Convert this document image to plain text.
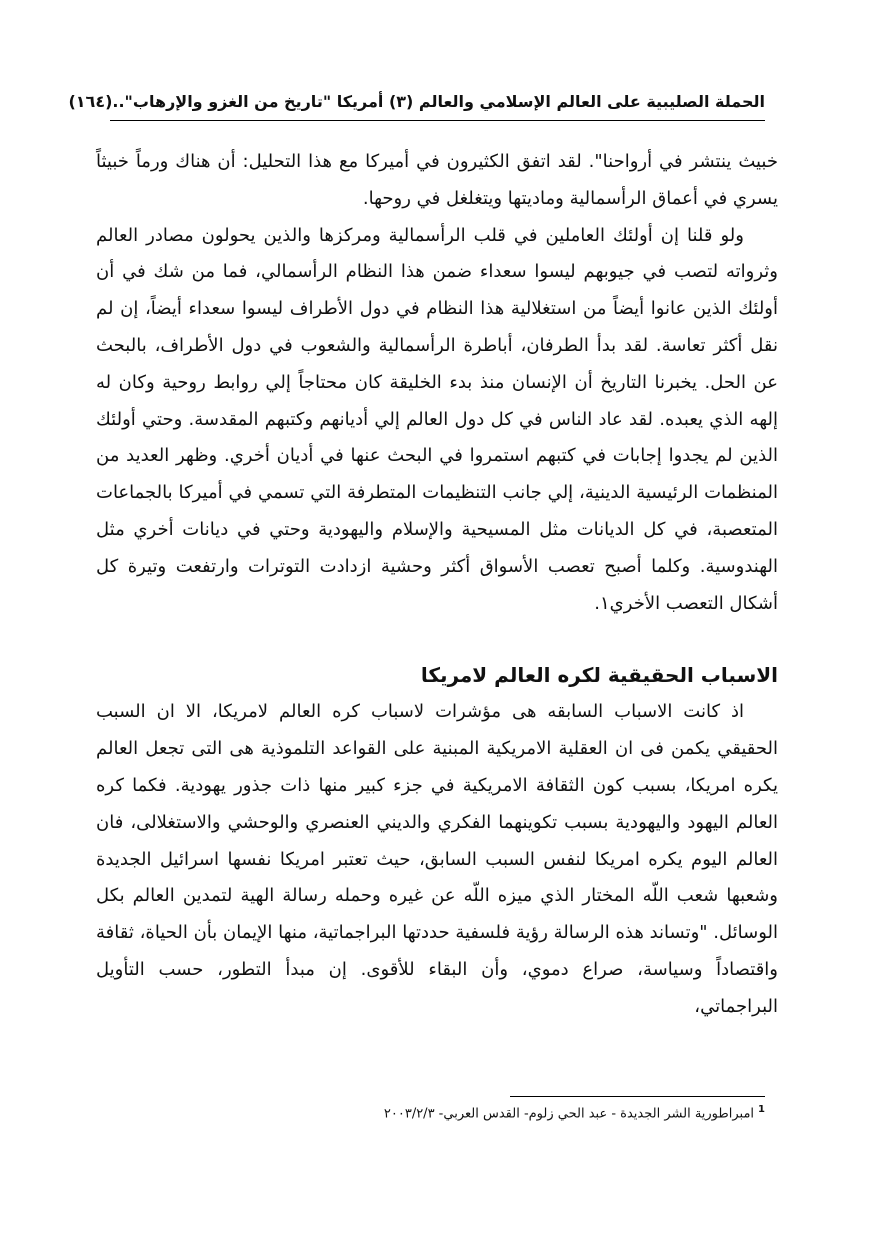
الحملة الصليبية على العالم الإسلامي والعالم (٣) أمريكا "تاريخ من الغزو والإرهاب"..
(١٦٤)

خبيث ينتشر في أرواحنا". لقد اتفق الكثيرون في أميركا مع هذا التحليل: أن هناك ورماً خبيثاً يسري في أعماق الرأسمالية وماديتها ويتغلغل في روحها.

ولو قلنا إن أولئك العاملين في قلب الرأسمالية ومركزها والذين يحولون مصادر العالم وثرواته لتصب في جيوبهم ليسوا سعداء ضمن هذا النظام الرأسمالي، فما من شك في أن أولئك الذين عانوا أيضاً من استغلالية هذا النظام في دول الأطراف ليسوا سعداء أيضاً، إن لم نقل أكثر تعاسة. لقد بدأ الطرفان، أباطرة الرأسمالية والشعوب في دول الأطراف، بالبحث عن الحل. يخبرنا التاريخ أن الإنسان منذ بدء الخليقة كان محتاجاً إلي روابط روحية وكان له إلهه الذي يعبده. لقد عاد الناس في كل دول العالم إلي أديانهم وكتبهم المقدسة. وحتي أولئك الذين لم يجدوا إجابات في كتبهم استمروا في البحث عنها في أديان أخري. وظهر العديد من المنظمات الرئيسية الدينية، إلي جانب التنظيمات المتطرفة التي تسمي في أميركا بالجماعات المتعصبة، في كل الديانات مثل المسيحية والإسلام واليهودية وحتي في ديانات أخري مثل الهندوسية. وكلما أصبح تعصب الأسواق أكثر وحشية ازدادت التوترات وارتفعت وتيرة كل أشكال التعصب الأخري١.

الاسباب الحقيقية لكره العالم لامريكا

اذ كانت الاسباب السابقه هى مؤشرات لاسباب كره العالم لامريكا، الا ان السبب الحقيقي يكمن فى ان العقلية الامريكية المبنية على القواعد التلموذية هى التى تجعل العالم يكره امريكا، بسبب كون الثقافة الامريكية في جزء كبير منها ذات جذور يهودية. فكما كره العالم اليهود واليهودية بسبب تكوينهما الفكري والديني العنصري والوحشي والاستغلالى، فان العالم اليوم يكره امريكا لنفس السبب السابق، حيث تعتبر امريكا نفسها اسرائيل الجديدة وشعبها شعب اللّه المختار الذي ميزه اللّه عن غيره وحمله رسالة الهية لتمدين العالم بكل الوسائل. "وتساند هذه الرسالة رؤية فلسفية حددتها البراجماتية، منها الإيمان بأن الحياة، ثقافة واقتصاداً وسياسة، صراع دموي، وأن البقاء للأقوى. إن مبدأ التطور، حسب التأويل البراجماتي،

$^1$امبراطورية الشر الجديدة - عبد الحي زلوم- القدس العربي- ٢٠٠٣/٢/٣
